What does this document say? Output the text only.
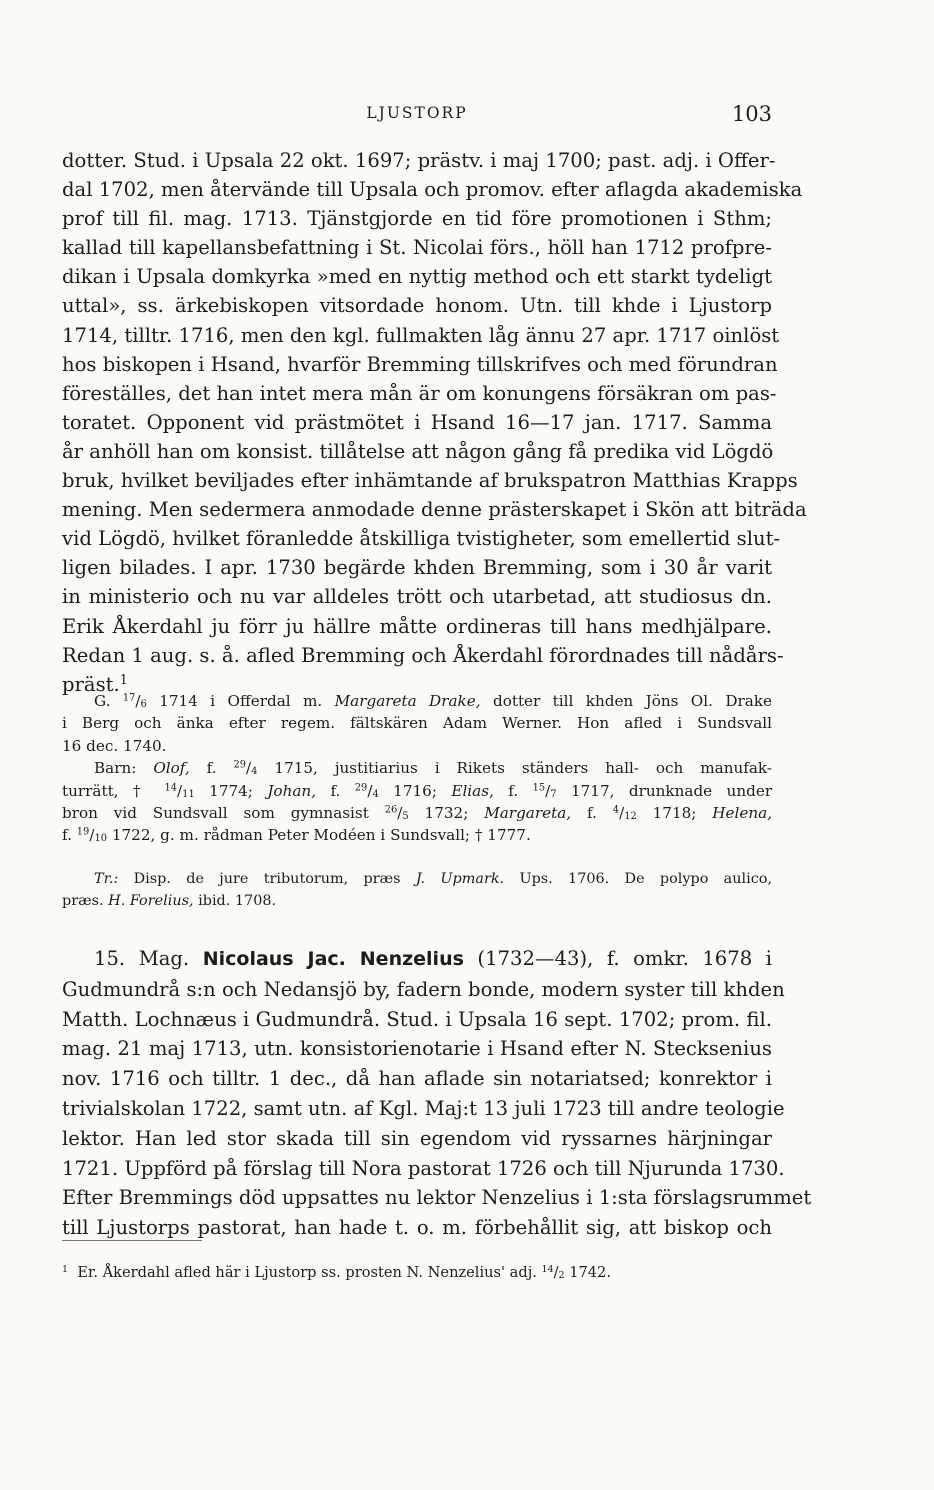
LJUSTORP	103
dotter. Stud. i Upsala 22 okt. 1697; prästv. i maj 1700; past. adj. i Offer-
dal 1702, men återvände till Upsala och promov. efter aflagda akademiska
prof till fil. mag. 1713. Tjänstgjorde en tid före promotionen i Sthm;
kallad till kapellansbefattning i St. Nicolai förs., höll han 1712 profpre-
dikan i Upsala domkyrka »med en nyttig method och ett starkt tydeligt
uttal», ss. ärkebiskopen vitsordade honom. Utn. till khde i Ljustorp
1714, tilltr. 1716, men den kgl. fullmakten låg ännu 27 apr. 1717 oinlöst
hos biskopen i Hsand, hvarför Bremming tillskrifves och med förundran
föreställes, det han intet mera mån är om konungens försäkran om pas-
toratet. Opponent vid prästmötet i Hsand 16—17 jan. 1717. Samma
år anhöll han om konsist. tillåtelse att någon gång få predika vid Lögdö
bruk, hvilket beviljades efter inhämtande af brukspatron Matthias Krapps
mening. Men sedermera anmodade denne prästerskapet i Skön att biträda
vid Lögdö, hvilket föranledde åtskilliga tvistigheter, som emellertid slut-
ligen bilades. I apr. 1730 begärde khden Bremming, som i 30 år varit
in ministerio och nu var alldeles trött och utarbetad, att studiosus dn.
Erik Åkerdahl ju förr ju hällre måtte ordineras till hans medhjälpare.
Redan 1 aug. s. å. afled Bremming och Åkerdahl förordnades till nådårs-
präst.$^1$
G. $^{17}/_6$ 1714 i Offerdal m. Margareta Drake, dotter till khden Jöns Ol. Drake
i Berg och änka efter regem. fältskären Adam Werner. Hon afled i Sundsvall
16 dec. 1740.
Barn: Olof, f. $^{29}/_4$ 1715, justitiarius i Rikets ständers hall- och manufak-
turrätt, † $^{14}/_{11}$ 1774; Johan, f. $^{29}/_4$ 1716; Elias, f. $^{15}/_7$ 1717, drunknade under
bron vid Sundsvall som gymnasist $^{26}/_5$ 1732; Margareta, f. $^4/_{12}$ 1718; Helena,
f. $^{19}/_{10}$ 1722, g. m. rådman Peter Modéen i Sundsvall; † 1777.
Tr.: Disp. de jure tributorum, præs J. Upmark. Ups. 1706. De polypo aulico,
præs. H. Forelius, ibid. 1708.
15. Mag. Nicolaus Jac. Nenzelius (1732—43), f. omkr. 1678 i
Gudmundrå s:n och Nedansjö by, fadern bonde, modern syster till khden
Matth. Lochnæus i Gudmundrå. Stud. i Upsala 16 sept. 1702; prom. fil.
mag. 21 maj 1713, utn. konsistorienotarie i Hsand efter N. Stecksenius
nov. 1716 och tilltr. 1 dec., då han aflade sin notariatsed; konrektor i
trivialskolan 1722, samt utn. af Kgl. Maj:t 13 juli 1723 till andre teologie
lektor. Han led stor skada till sin egendom vid ryssarnes härjningar
1721. Uppförd på förslag till Nora pastorat 1726 och till Njurunda 1730.
Efter Bremmings död uppsattes nu lektor Nenzelius i 1:sta förslagsrummet
till Ljustorps pastorat, han hade t. o. m. förbehållit sig, att biskop och
$^1$ Er. Åkerdahl afled här i Ljustorp ss. prosten N. Nenzelius' adj. $^{14}/_2$ 1742.
